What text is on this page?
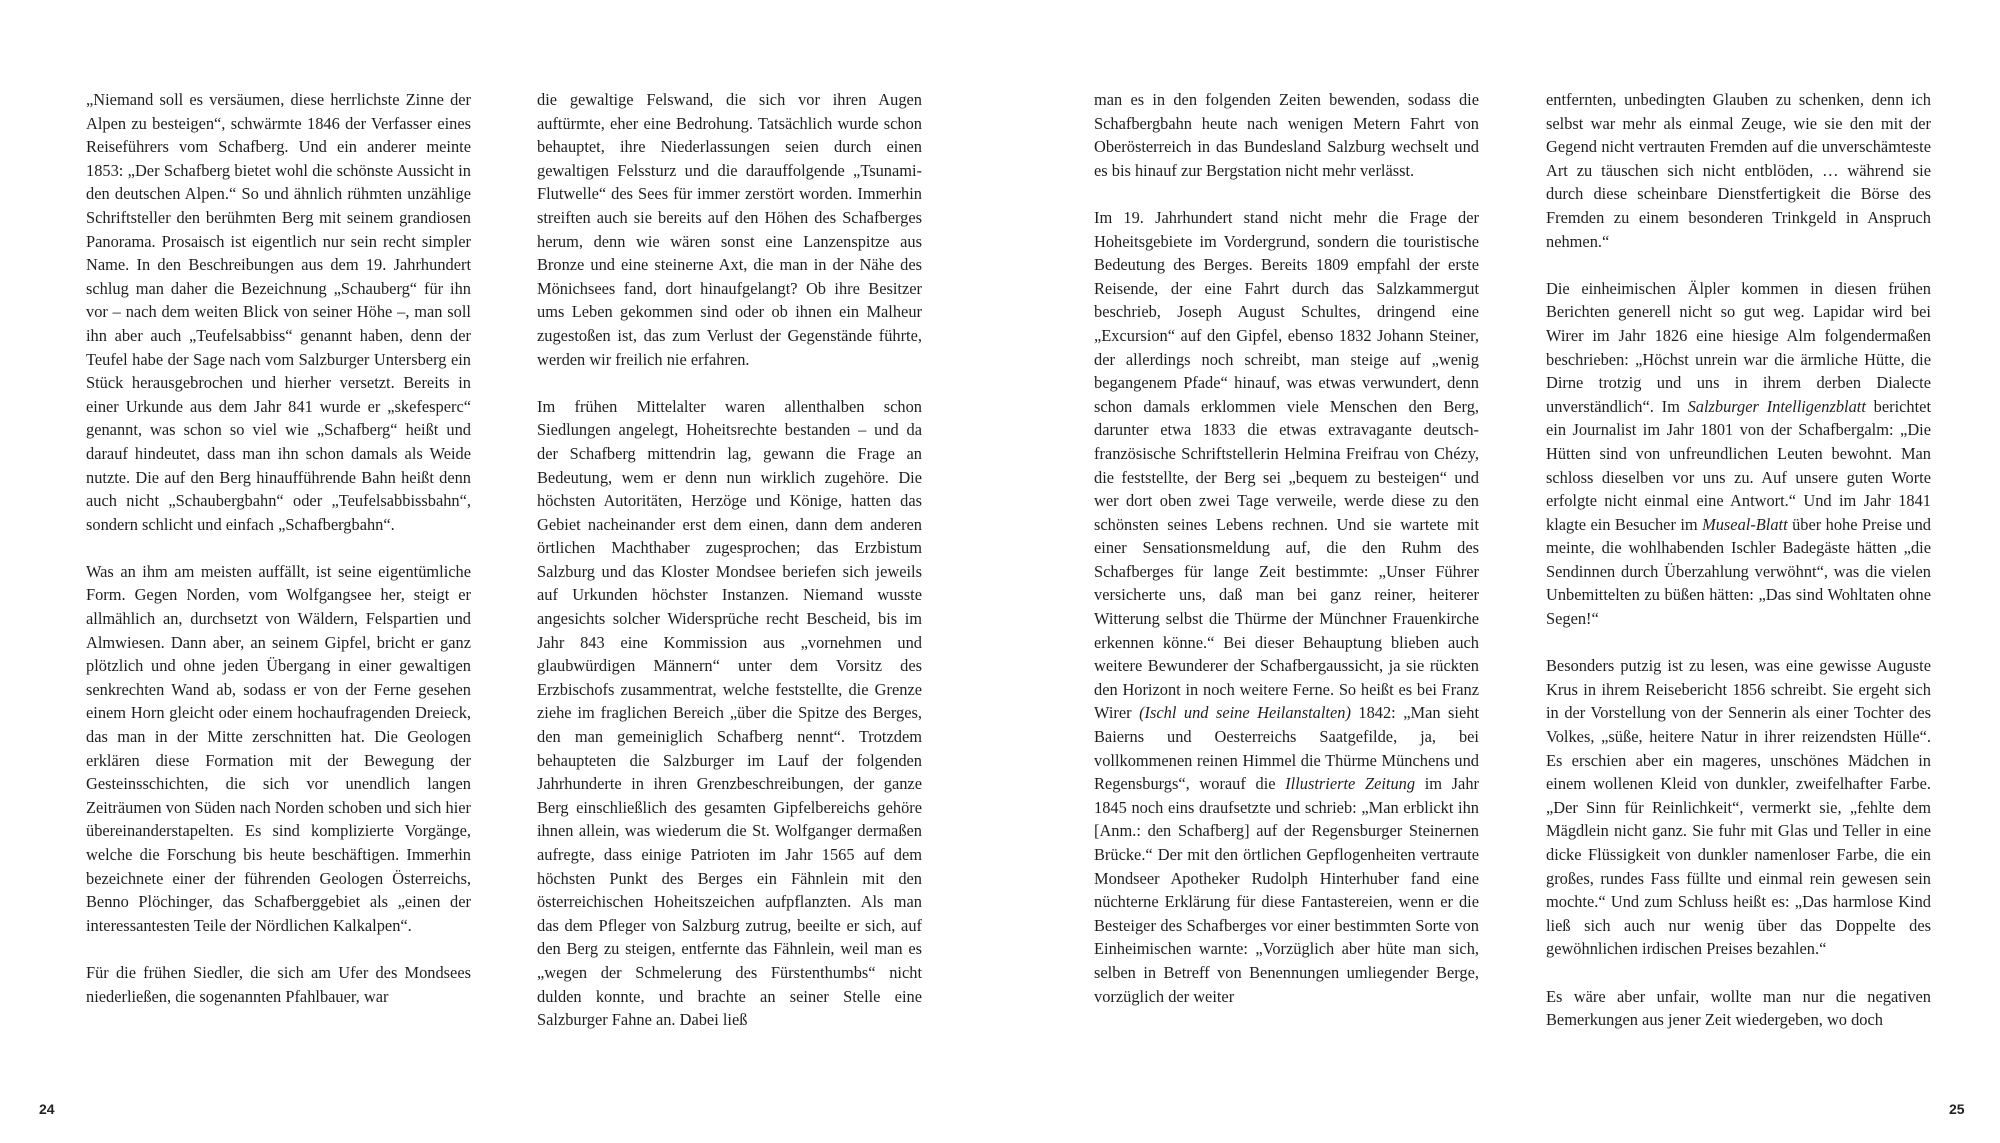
„Niemand soll es versäumen, diese herrlichste Zinne der Alpen zu besteigen“, schwärmte 1846 der Verfasser eines Reiseführers vom Schafberg. Und ein anderer meinte 1853: „Der Schafberg bietet wohl die schönste Aussicht in den deutschen Alpen.“ So und ähnlich rühmten unzählige Schriftsteller den berühmten Berg mit seinem grandiosen Panorama. Prosaisch ist eigentlich nur sein recht simpler Name. In den Beschreibungen aus dem 19. Jahrhundert schlug man daher die Bezeichnung „Schauberg“ für ihn vor – nach dem weiten Blick von seiner Höhe –, man soll ihn aber auch „Teufelsabbiss“ genannt haben, denn der Teufel habe der Sage nach vom Salzburger Untersberg ein Stück herausgebrochen und hierher versetzt. Bereits in einer Urkunde aus dem Jahr 841 wurde er „skefesperc“ genannt, was schon so viel wie „Schafberg“ heißt und darauf hindeutet, dass man ihn schon damals als Weide nutzte. Die auf den Berg hinaufführende Bahn heißt denn auch nicht „Schaubergbahn“ oder „Teufelsabbissbahn“, sondern schlicht und einfach „Schafbergbahn“.

Was an ihm am meisten auffällt, ist seine eigentümliche Form. Gegen Norden, vom Wolfgangsee her, steigt er allmählich an, durchsetzt von Wäldern, Felspartien und Almwiesen. Dann aber, an seinem Gipfel, bricht er ganz plötzlich und ohne jeden Übergang in einer gewaltigen senkrechten Wand ab, sodass er von der Ferne gesehen einem Horn gleicht oder einem hochaufragenden Dreieck, das man in der Mitte zerschnitten hat. Die Geologen erklären diese Formation mit der Bewegung der Gesteinsschichten, die sich vor unendlich langen Zeiträumen von Süden nach Norden schoben und sich hier übereinanderstapelten. Es sind komplizierte Vorgänge, welche die Forschung bis heute beschäftigen. Immerhin bezeichnete einer der führenden Geologen Österreichs, Benno Plöchinger, das Schafberggebiet als „einen der interessantesten Teile der Nördlichen Kalkalpen“.

Für die frühen Siedler, die sich am Ufer des Mondsees niederließen, die sogenannten Pfahlbauer, war

die gewaltige Felswand, die sich vor ihren Augen auftürmte, eher eine Bedrohung. Tatsächlich wurde schon behauptet, ihre Niederlassungen seien durch einen gewaltigen Felssturz und die darauffolgende „Tsunami-Flutwelle“ des Sees für immer zerstört worden. Immerhin streiften auch sie bereits auf den Höhen des Schafberges herum, denn wie wären sonst eine Lanzenspitze aus Bronze und eine steinerne Axt, die man in der Nähe des Mönichsees fand, dort hinaufgelangt? Ob ihre Besitzer ums Leben gekommen sind oder ob ihnen ein Malheur zugestoßen ist, das zum Verlust der Gegenstände führte, werden wir freilich nie erfahren.

Im frühen Mittelalter waren allenthalben schon Siedlungen angelegt, Hoheitsrechte bestanden – und da der Schafberg mittendrin lag, gewann die Frage an Bedeutung, wem er denn nun wirklich zugehöre. Die höchsten Autoritäten, Herzöge und Könige, hatten das Gebiet nacheinander erst dem einen, dann dem anderen örtlichen Machthaber zugesprochen; das Erzbistum Salzburg und das Kloster Mondsee beriefen sich jeweils auf Urkunden höchster Instanzen. Niemand wusste angesichts solcher Widersprüche recht Bescheid, bis im Jahr 843 eine Kommission aus „vornehmen und glaubwürdigen Männern“ unter dem Vorsitz des Erzbischofs zusammentrat, welche feststellte, die Grenze ziehe im fraglichen Bereich „über die Spitze des Berges, den man gemeiniglich Schafberg nennt“. Trotzdem behaupteten die Salzburger im Lauf der folgenden Jahrhunderte in ihren Grenzbeschreibungen, der ganze Berg einschließlich des gesamten Gipfelbereichs gehöre ihnen allein, was wiederum die St. Wolfganger dermaßen aufregte, dass einige Patrioten im Jahr 1565 auf dem höchsten Punkt des Berges ein Fähnlein mit den österreichischen Hoheitszeichen aufpflanzten. Als man das dem Pfleger von Salzburg zutrug, beeilte er sich, auf den Berg zu steigen, entfernte das Fähnlein, weil man es „wegen der Schmelerung des Fürstenthumbs“ nicht dulden konnte, und brachte an seiner Stelle eine Salzburger Fahne an. Dabei ließ

24

man es in den folgenden Zeiten bewenden, sodass die Schafbergbahn heute nach wenigen Metern Fahrt von Oberösterreich in das Bundesland Salzburg wechselt und es bis hinauf zur Bergstation nicht mehr verlässt.

Im 19. Jahrhundert stand nicht mehr die Frage der Hoheitsgebiete im Vordergrund, sondern die touristische Bedeutung des Berges. Bereits 1809 empfahl der erste Reisende, der eine Fahrt durch das Salzkammergut beschrieb, Joseph August Schultes, dringend eine „Excursion“ auf den Gipfel, ebenso 1832 Johann Steiner, der allerdings noch schreibt, man steige auf „wenig begangenem Pfade“ hinauf, was etwas verwundert, denn schon damals erklommen viele Menschen den Berg, darunter etwa 1833 die etwas extravagante deutsch-französische Schriftstellerin Helmina Freifrau von Chézy, die feststellte, der Berg sei „bequem zu besteigen“ und wer dort oben zwei Tage verweile, werde diese zu den schönsten seines Lebens rechnen. Und sie wartete mit einer Sensationsmeldung auf, die den Ruhm des Schafberges für lange Zeit bestimmte: „Unser Führer versicherte uns, daß man bei ganz reiner, heiterer Witterung selbst die Thürme der Münchner Frauenkirche erkennen könne.“ Bei dieser Behauptung blieben auch weitere Bewunderer der Schafbergaussicht, ja sie rückten den Horizont in noch weitere Ferne. So heißt es bei Franz Wirer (Ischl und seine Heilanstalten) 1842: „Man sieht Baierns und Oesterreichs Saatgefilde, ja, bei vollkommenen reinen Himmel die Thürme Münchens und Regensburgs“, worauf die Illustrierte Zeitung im Jahr 1845 noch eins draufsetzte und schrieb: „Man erblickt ihn [Anm.: den Schafberg] auf der Regensburger Steinernen Brücke.“ Der mit den örtlichen Gepflogenheiten vertraute Mondseer Apotheker Rudolph Hinterhuber fand eine nüchterne Erklärung für diese Fantastereien, wenn er die Besteiger des Schafberges vor einer bestimmten Sorte von Einheimischen warnte: „Vorzüglich aber hüte man sich, selben in Betreff von Benennungen umliegender Berge, vorzüglich der weiter

entfernten, unbedingten Glauben zu schenken, denn ich selbst war mehr als einmal Zeuge, wie sie den mit der Gegend nicht vertrauten Fremden auf die unverschämteste Art zu täuschen sich nicht entblöden, … während sie durch diese scheinbare Dienstfertigkeit die Börse des Fremden zu einem besonderen Trinkgeld in Anspruch nehmen.“

Die einheimischen Älpler kommen in diesen frühen Berichten generell nicht so gut weg. Lapidar wird bei Wirer im Jahr 1826 eine hiesige Alm folgendermaßen beschrieben: „Höchst unrein war die ärmliche Hütte, die Dirne trotzig und uns in ihrem derben Dialecte unverständlich“. Im Salzburger Intelligenzblatt berichtet ein Journalist im Jahr 1801 von der Schafbergalm: „Die Hütten sind von unfreundlichen Leuten bewohnt. Man schloss dieselben vor uns zu. Auf unsere guten Worte erfolgte nicht einmal eine Antwort.“ Und im Jahr 1841 klagte ein Besucher im Museal-Blatt über hohe Preise und meinte, die wohlhabenden Ischler Badegäste hätten „die Sendinnen durch Überzahlung verwöhnt“, was die vielen Unbemittelten zu büßen hätten: „Das sind Wohltaten ohne Segen!“

Besonders putzig ist zu lesen, was eine gewisse Auguste Krus in ihrem Reisebericht 1856 schreibt. Sie ergeht sich in der Vorstellung von der Sennerin als einer Tochter des Volkes, „süße, heitere Natur in ihrer reizendsten Hülle“. Es erschien aber ein mageres, unschönes Mädchen in einem wollenen Kleid von dunkler, zweifelhafter Farbe. „Der Sinn für Reinlichkeit“, vermerkt sie, „fehlte dem Mägdlein nicht ganz. Sie fuhr mit Glas und Teller in eine dicke Flüssigkeit von dunkler namenloser Farbe, die ein großes, rundes Fass füllte und einmal rein gewesen sein mochte.“ Und zum Schluss heißt es: „Das harmlose Kind ließ sich auch nur wenig über das Doppelte des gewöhnlichen irdischen Preises bezahlen.“

Es wäre aber unfair, wollte man nur die negativen Bemerkungen aus jener Zeit wiedergeben, wo doch

25
